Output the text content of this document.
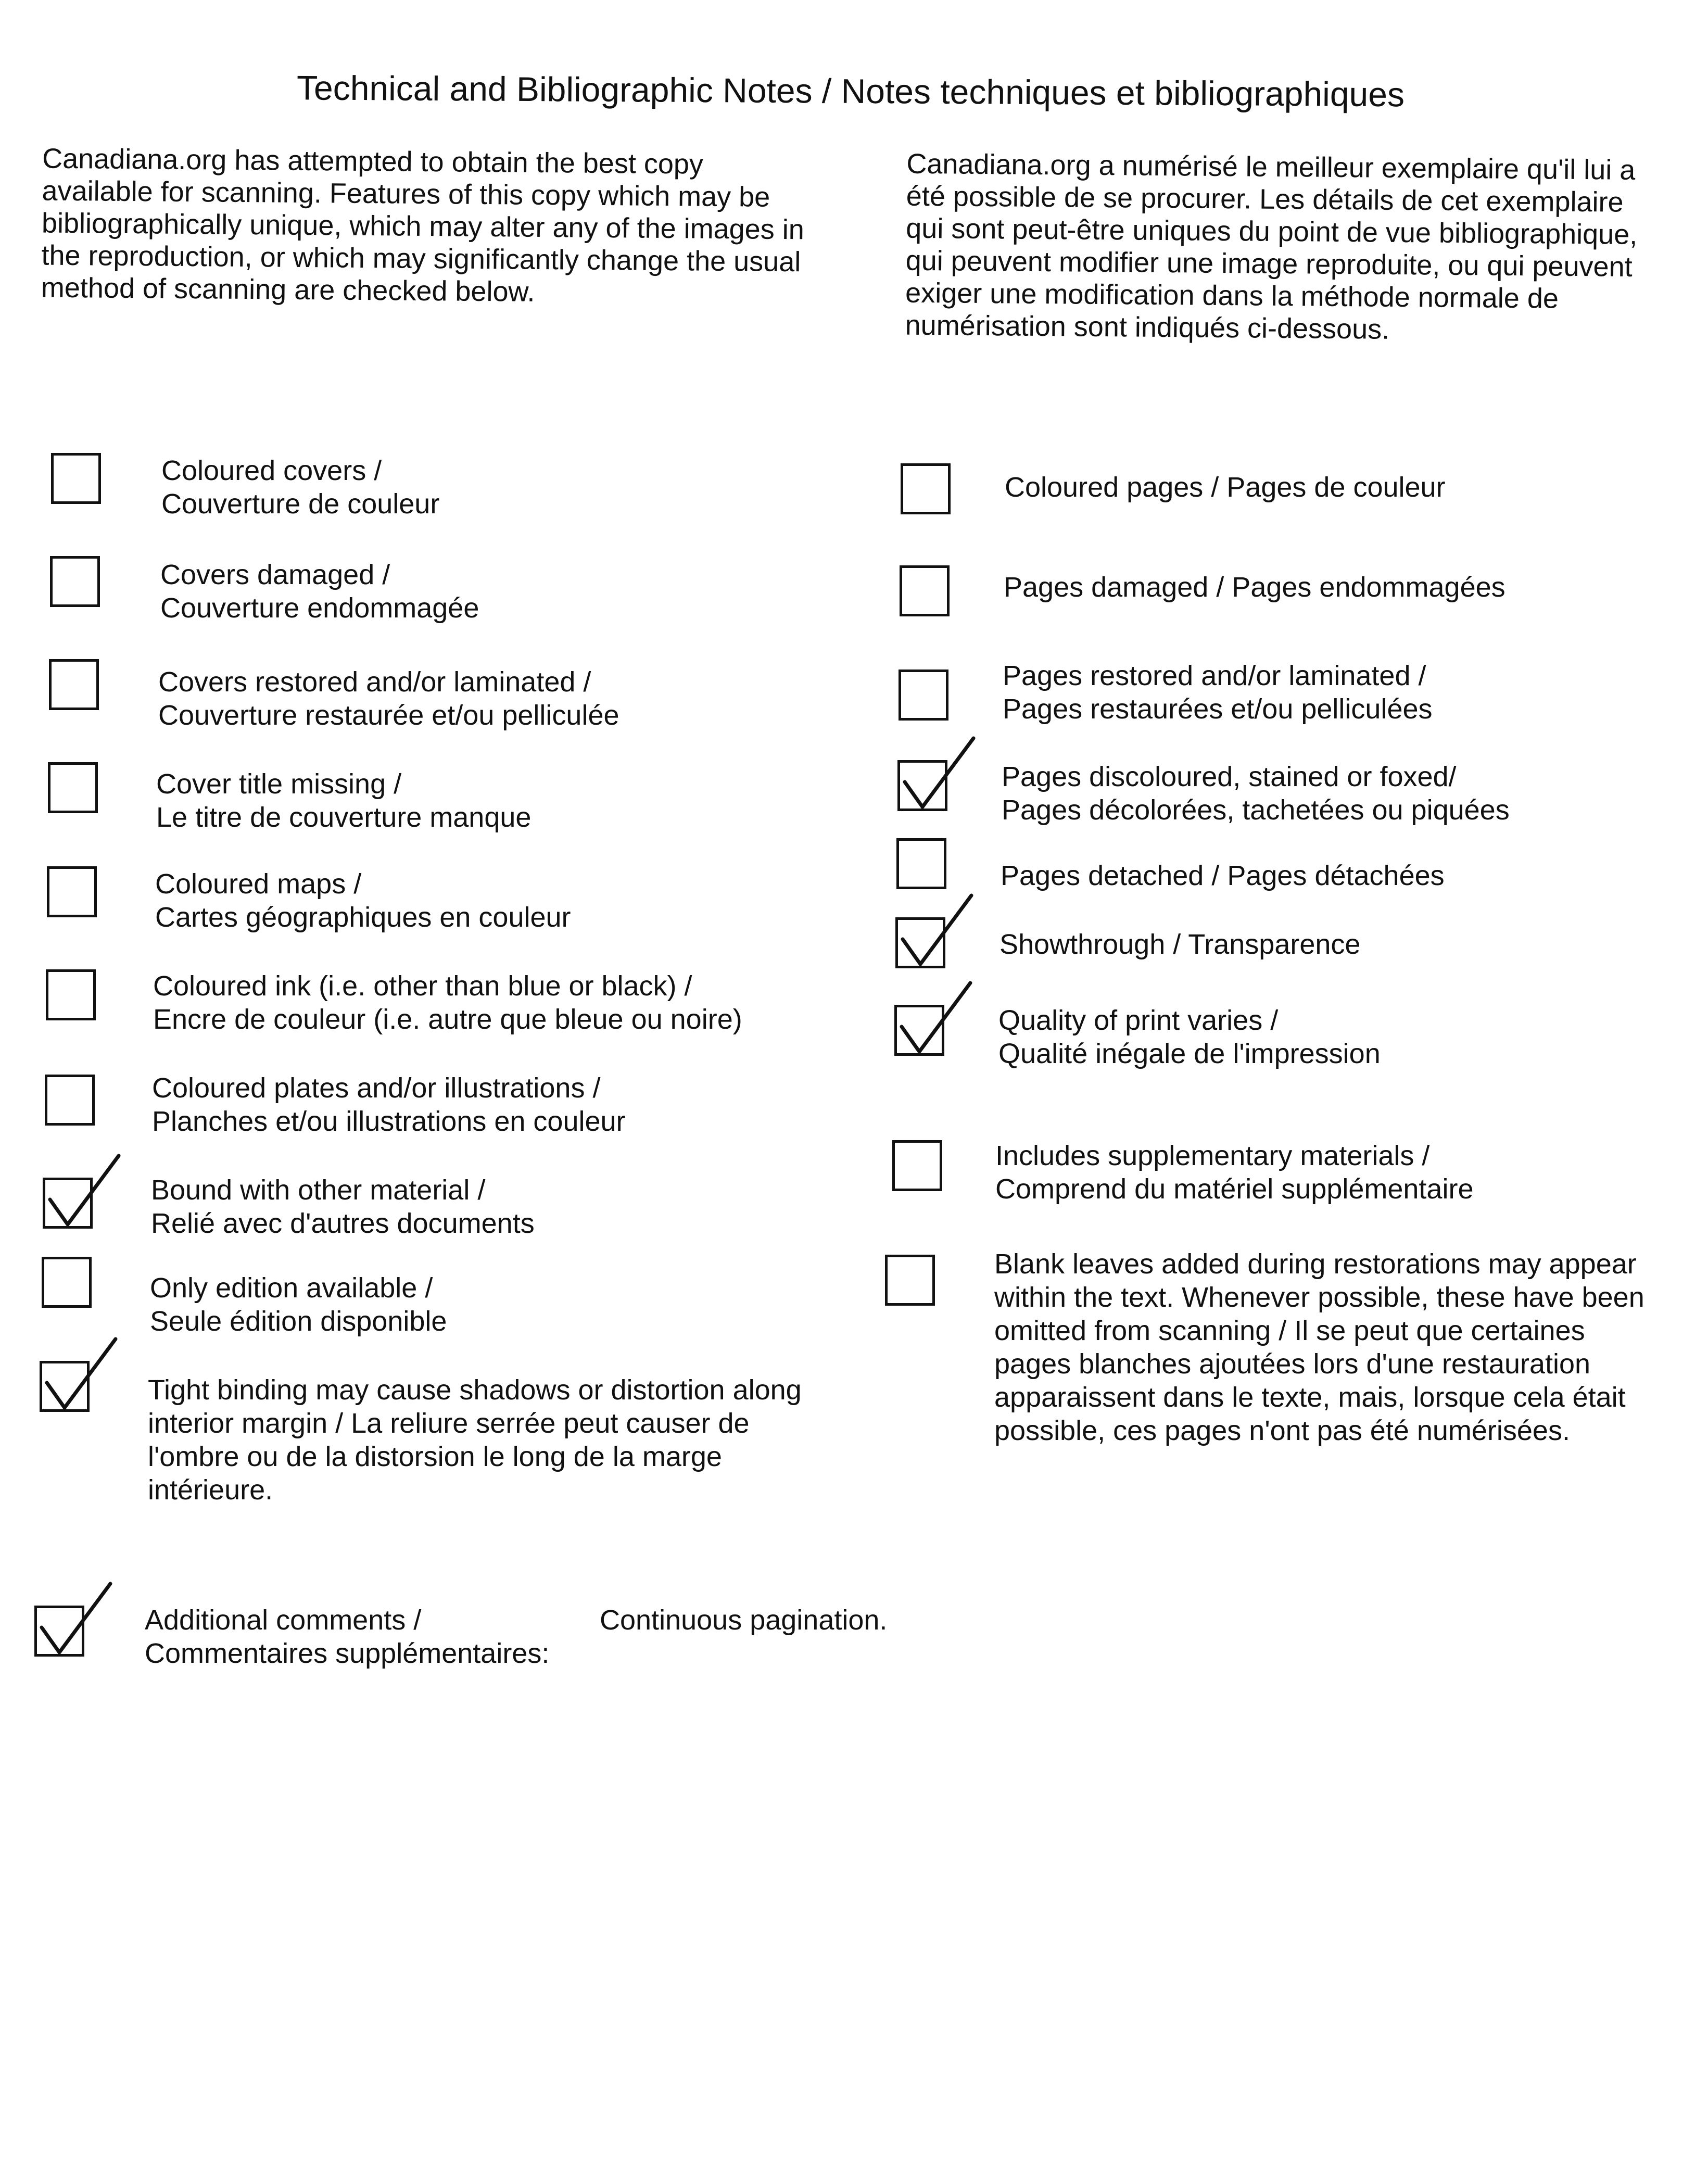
Technical and Bibliographic Notes / Notes techniques et bibliographiques

Canadiana.org has attempted to obtain the best copy available for scanning. Features of this copy which may be bibliographically unique, which may alter any of the images in the reproduction, or which may significantly change the usual method of scanning are checked below.

Canadiana.org a numérisé le meilleur exemplaire qu'il lui a été possible de se procurer. Les détails de cet exemplaire qui sont peut-être uniques du point de vue bibliographique, qui peuvent modifier une image reproduite, ou qui peuvent exiger une modification dans la méthode normale de numérisation sont indiqués ci-dessous.

Coloured covers /
Couverture de couleur
Covers damaged /
Couverture endommagée
Covers restored and/or laminated /
Couverture restaurée et/ou pelliculée
Cover title missing /
Le titre de couverture manque
Coloured maps /
Cartes géographiques en couleur
Coloured ink (i.e. other than blue or black) /
Encre de couleur (i.e. autre que bleue ou noire)
Coloured plates and/or illustrations /
Planches et/ou illustrations en couleur
Bound with other material /
Relié avec d'autres documents
Only edition available /
Seule édition disponible
Tight binding may cause shadows or distortion along interior margin / La reliure serrée peut causer de l'ombre ou de la distorsion le long de la marge intérieure.
Coloured pages / Pages de couleur
Pages damaged / Pages endommagées
Pages restored and/or laminated /
Pages restaurées et/ou pelliculées
Pages discoloured, stained or foxed/
Pages décolorées, tachetées ou piquées
Pages detached / Pages détachées
Showthrough / Transparence
Quality of print varies /
Qualité inégale de l'impression
Includes supplementary materials /
Comprend du matériel supplémentaire
Blank leaves added during restorations may appear within the text. Whenever possible, these have been omitted from scanning / Il se peut que certaines pages blanches ajoutées lors d'une restauration apparaissent dans le texte, mais, lorsque cela était possible, ces pages n'ont pas été numérisées.
Additional comments /
Commentaires supplémentaires:
Continuous pagination.
